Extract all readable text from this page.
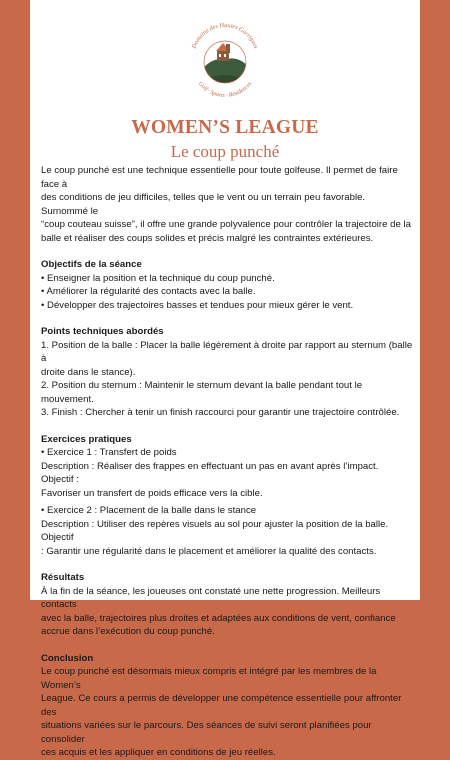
Domaine des Hautes Garrigues
Golf · Sports · Résidences
WOMEN’S LEAGUE
Le coup punché

Le coup punché est une technique essentielle pour toute golfeuse. Il permet de faire face à

des conditions de jeu difficiles, telles que le vent ou un terrain peu favorable. Surnommé le

“coup couteau suisse”, il offre une grande polyvalence pour contrôler la trajectoire de la

balle et réaliser des coups solides et précis malgré les contraintes extérieures.

Objectifs de la séance

• Enseigner la position et la technique du coup punché.

• Améliorer la régularité des contacts avec la balle.

• Développer des trajectoires basses et tendues pour mieux gérer le vent.

Points techniques abordés

1. Position de la balle : Placer la balle légèrement à droite par rapport au sternum (balle à

droite dans le stance).

2. Position du sternum : Maintenir le sternum devant la balle pendant tout le mouvement.

3. Finish : Chercher à tenir un finish raccourci pour garantir une trajectoire contrôlée.

Exercices pratiques

• Exercice 1 : Transfert de poids

Description : Réaliser des frappes en effectuant un pas en avant après l’impact. Objectif :

Favoriser un transfert de poids efficace vers la cible.

• Exercice 2 : Placement de la balle dans le stance

Description : Utiliser des repères visuels au sol pour ajuster la position de la balle. Objectif

: Garantir une régularité dans le placement et améliorer la qualité des contacts.

Résultats

À la fin de la séance, les joueuses ont constaté une nette progression. Meilleurs contacts

avec la balle, trajectoires plus droites et adaptées aux conditions de vent, confiance

accrue dans l’exécution du coup punché.

Conclusion

Le coup punché est désormais mieux compris et intégré par les membres de la Women’s

League. Ce cours a permis de développer une compétence essentielle pour affronter des

situations variées sur le parcours. Des séances de suivi seront planifiées pour consolider

ces acquis et les appliquer en conditions de jeu réelles.
